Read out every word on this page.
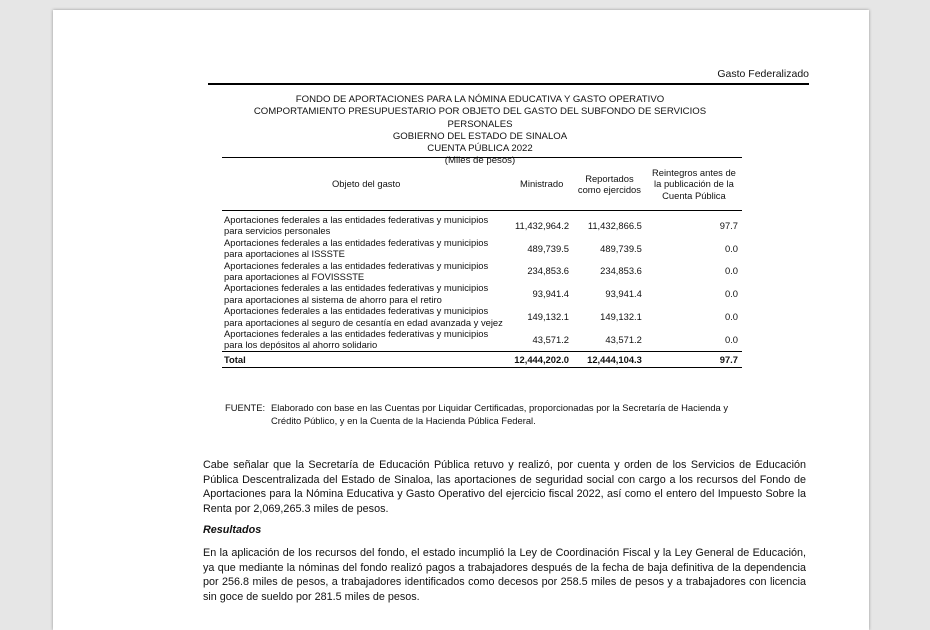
Gasto Federalizado
FONDO DE APORTACIONES PARA LA NÓMINA EDUCATIVA Y GASTO OPERATIVO
COMPORTAMIENTO PRESUPUESTARIO POR OBJETO DEL GASTO DEL SUBFONDO DE SERVICIOS PERSONALES
GOBIERNO DEL ESTADO DE SINALOA
CUENTA PÚBLICA 2022
(Miles de pesos)
Objeto del gasto	Ministrado	Reportados como ejercidos	Reintegros antes de la publicación de la Cuenta Pública
Aportaciones federales a las entidades federativas y municipios para servicios personales	11,432,964.2	11,432,866.5	97.7
Aportaciones federales a las entidades federativas y municipios para aportaciones al ISSSTE	489,739.5	489,739.5	0.0
Aportaciones federales a las entidades federativas y municipios para aportaciones al FOVISSSTE	234,853.6	234,853.6	0.0
Aportaciones federales a las entidades federativas y municipios para aportaciones al sistema de ahorro para el retiro	93,941.4	93,941.4	0.0
Aportaciones federales a las entidades federativas y municipios para aportaciones al seguro de cesantía en edad avanzada y vejez	149,132.1	149,132.1	0.0
Aportaciones federales a las entidades federativas y municipios para los depósitos al ahorro solidario	43,571.2	43,571.2	0.0
Total	12,444,202.0	12,444,104.3	97.7
FUENTE: Elaborado con base en las Cuentas por Liquidar Certificadas, proporcionadas por la Secretaría de Hacienda y Crédito Público, y en la Cuenta de la Hacienda Pública Federal.

Cabe señalar que la Secretaría de Educación Pública retuvo y realizó, por cuenta y orden de los Servicios de Educación Pública Descentralizada del Estado de Sinaloa, las aportaciones de seguridad social con cargo a los recursos del Fondo de Aportaciones para la Nómina Educativa y Gasto Operativo del ejercicio fiscal 2022, así como el entero del Impuesto Sobre la Renta por 2,069,265.3 miles de pesos.

Resultados

En la aplicación de los recursos del fondo, el estado incumplió la Ley de Coordinación Fiscal y la Ley General de Educación, ya que mediante la nóminas del fondo realizó pagos a trabajadores después de la fecha de baja definitiva de la dependencia por 256.8 miles de pesos, a trabajadores identificados como decesos por 258.5 miles de pesos y a trabajadores con licencia sin goce de sueldo por 281.5 miles de pesos.
